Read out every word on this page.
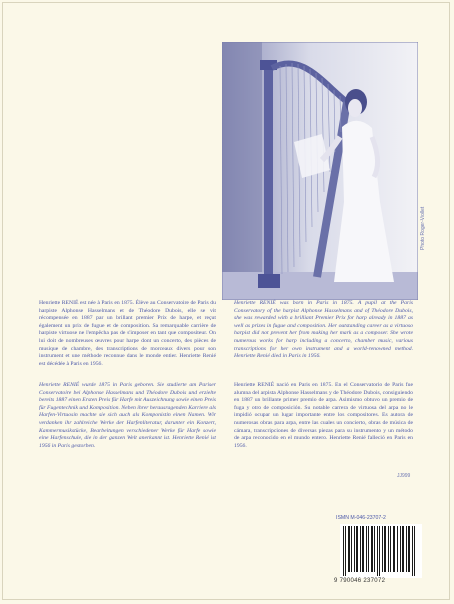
Photo Roger-Viollet

Henriette RENIÉ est née à Paris en 1875. Élève au Conservatoire de Paris du harpiste Alphonse Hasselmans et de Théodore Dubois, elle se vit récompensée en 1887 par un brillant premier Prix de harpe, et reçut également un prix de fugue et de composition. Sa remarquable carrière de harpiste virtuose ne l'empêcha pas de s'imposer en tant que compositeur. On lui doit de nombreuses œuvres pour harpe dont un concerto, des pièces de musique de chambre, des transcriptions de morceaux divers pour son instrument et une méthode reconnue dans le monde entier. Henriette Renié est décédée à Paris en 1956.

Henriette RENIÉ was born in Paris in 1875. A pupil at the Paris Conservatory of the harpist Alphonse Hasselmans and of Théodore Dubois, she was rewarded with a brilliant Premier Prix for harp already in 1887 as well as prizes in fugue and composition. Her outstanding career as a virtuoso harpist did not prevent her from making her mark as a composer. She wrote numerous works for harp including a concerto, chamber music, various transcriptions for her own instrument and a world-renowned method. Henriette Renié died in Paris in 1956.

Henriette RENIÉ wurde 1875 in Paris geboren. Sie studierte am Pariser Conservatoire bei Alphonse Hasselmans und Théodore Dubois und erzielte bereits 1887 einen Ersten Preis für Harfe mit Auszeichnung sowie einen Preis für Fugentechnik und Komposition. Neben ihrer herausragenden Karriere als Harfen-Virtuosin machte sie sich auch als Komponistin einen Namen. Wir verdanken ihr zahlreiche Werke der Harfenliteratur, darunter ein Konzert, Kammermusikstücke, Bearbeitungen verschiedener Werke für Harfe sowie eine Harfenschule, die in der ganzen Welt anerkannt ist. Henriette Renié ist 1956 in Paris gestorben.

Henriette RENIÉ nació en Paris en 1875. En el Conservatorio de Paris fue alumna del arpista Alphonse Hasselmans y de Théodore Dubois, consiguiendo en 1887 un brillante primer premio de arpa. Asimismo obtuvo un premio de fuga y otro de composición. Su notable carrera de virtuosa del arpa no le impidió ocupar un lugar importante entre los compositores. Es autora de numerosas obras para arpa, entre las cuales un concierto, obras de música de cámara, transcripciones de diversas piezas para su instrumento y un método de arpa reconocido en el mundo entero. Henriette Renié falleció en Paris en 1956.

JJ999
ISMN M-046-23707-2
9 790046 237072
